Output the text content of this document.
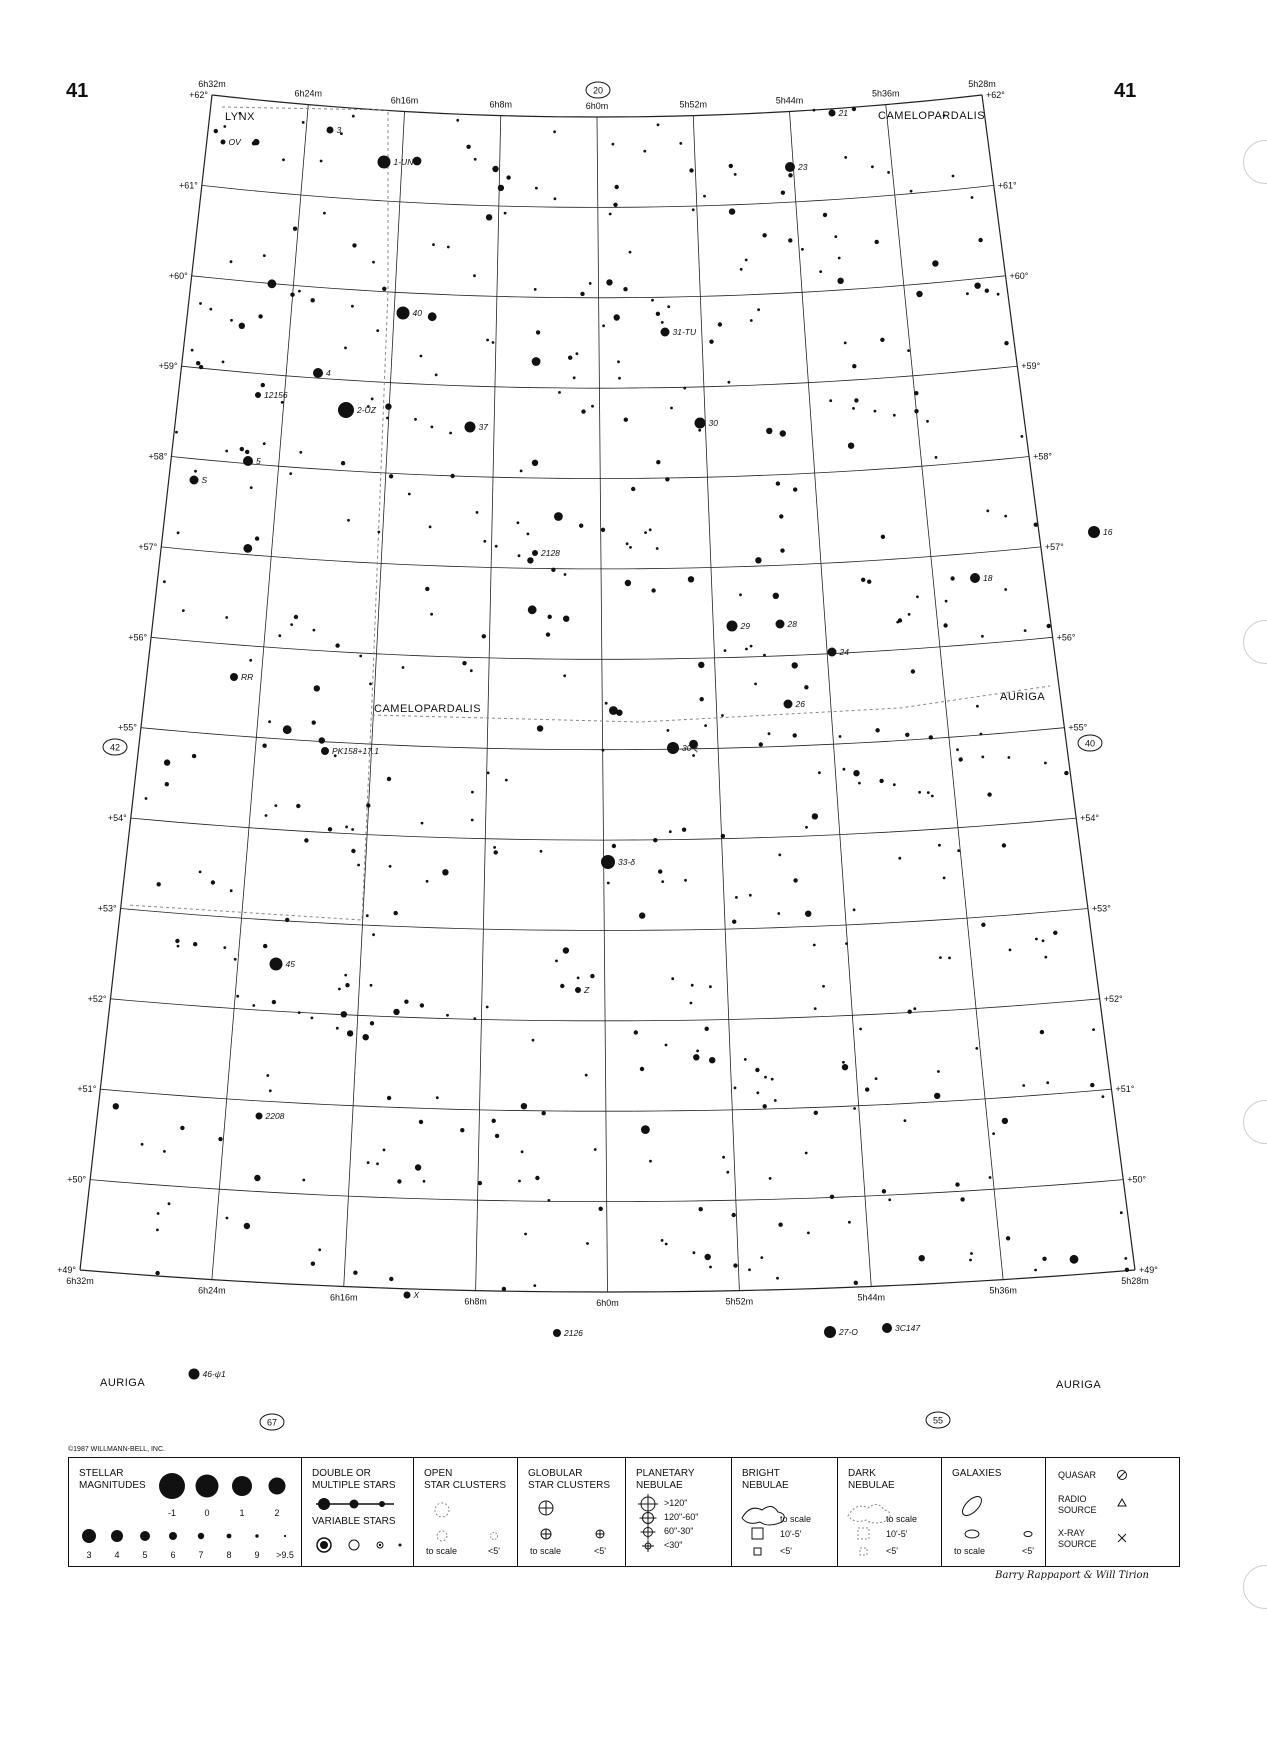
41	41
6h32m
6h24m
6h16m	6h8m	6h0m	5h52m	5h44m
5h36m
5h28m
6h32m
6h24m
6h16m	6h8m	6h0m	5h52m	5h44m
5h36m
5h28m
+62°	+62°
+61°	+61°
+60°	+60°
+59°	+59°
+58°	+58°
+57°	+57°
+56°	+56°
+55°	+55°
+54°	+54°
+53°	+53°
+52°	+52°
+51°	+51°
+50°	+50°
+49°	+49°
20
42	40
67	55
LYNX	CAMELOPARDALIS
CAMELOPARDALIS
AURIGA
AURIGA	AURIGA
3
1-UN
21
23
40
31-TU
4
2-UZ
37	30
5
S
16
18
2128
29	28
24
RR
26
PK158+17.1	30-ξ
33-δ
45
Z
2208
X
2126	27-O	3C147
46-ψ1
OV
12156
©1987 WILLMANN-BELL, INC.
STELLAR
MAGNITUDES
-1	0	1	2
3	4	5	6	7	8	9 >9.5
DOUBLE OR
MULTIPLE STARS
VARIABLE STARS
OPEN
STAR CLUSTERS
to scale	<5'
GLOBULAR
STAR CLUSTERS
to scale	<5'
PLANETARY
NEBULAE
>120"
120"-60"
60"-30"
<30"
BRIGHT
NEBULAE
to scale
10'-5'
<5'
DARK
NEBULAE
to scale
10'-5'
<5'
GALAXIES
to scale	<5'
QUASAR
RADIO
SOURCE
X-RAY
SOURCE
Barry Rappaport & Will Tirion
